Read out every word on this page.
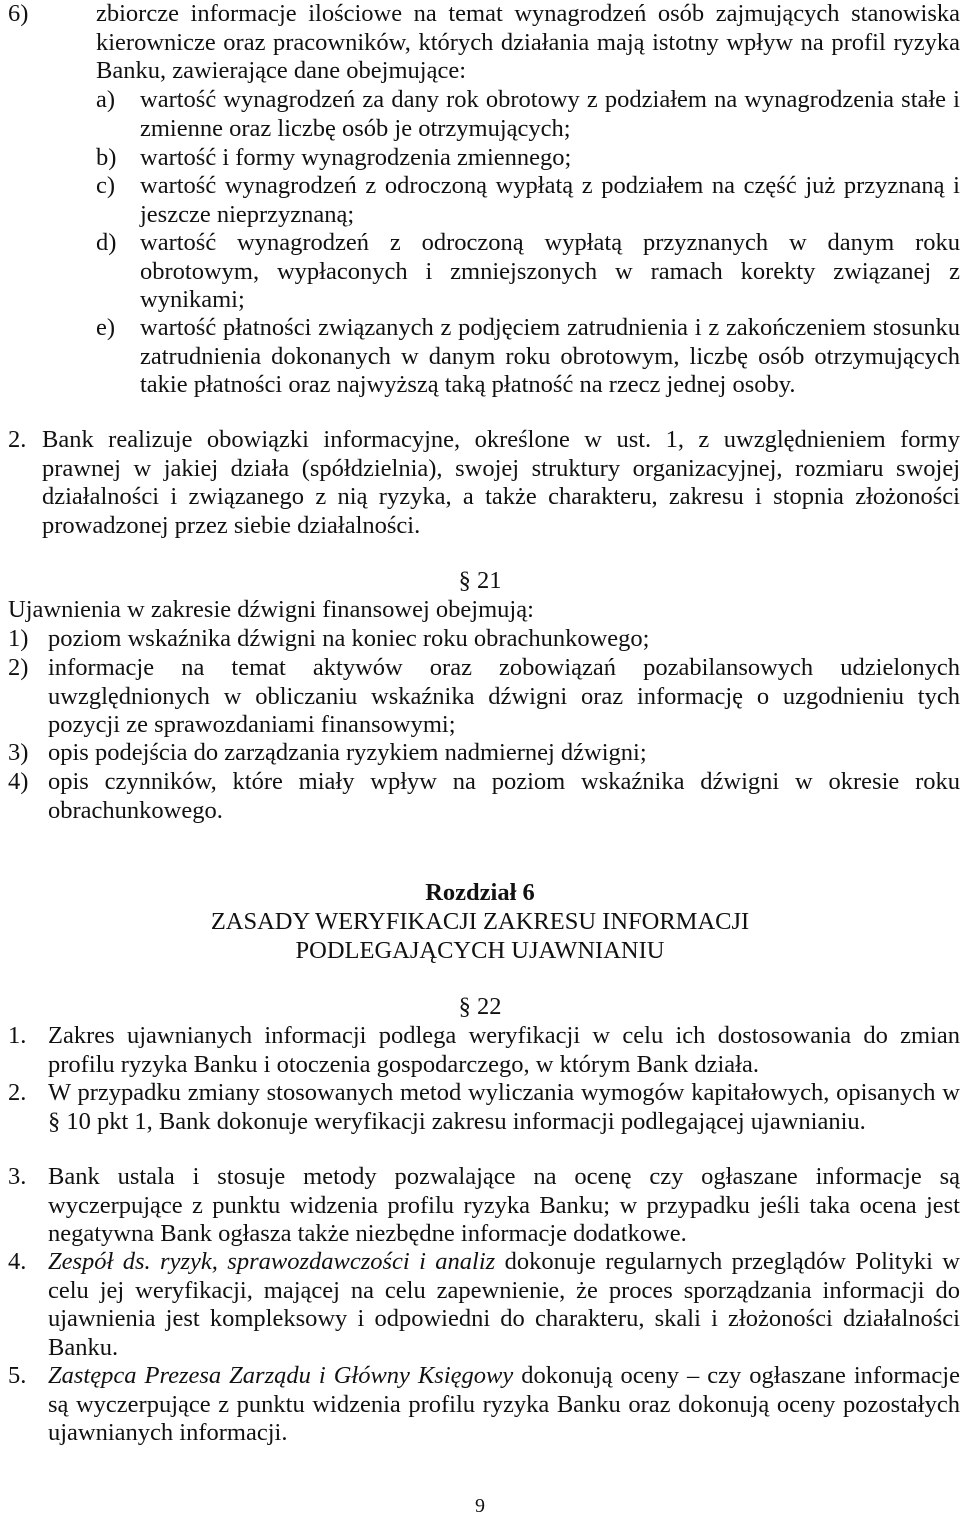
6)	zbiorcze informacje ilościowe na temat wynagrodzeń osób zajmujących stanowiska kierownicze oraz pracowników, których działania mają istotny wpływ na profil ryzyka Banku, zawierające dane obejmujące:
a) wartość wynagrodzeń za dany rok obrotowy z podziałem na wynagrodzenia stałe i zmienne oraz liczbę osób je otrzymujących;
b) wartość i formy wynagrodzenia zmiennego;
c) wartość wynagrodzeń z odroczoną wypłatą z podziałem na część już przyznaną i jeszcze nieprzyznaną;
d) wartość wynagrodzeń z odroczoną wypłatą przyznanych w danym roku obrotowym, wypłaconych i zmniejszonych w ramach korekty związanej z wynikami;
e) wartość płatności związanych z podjęciem zatrudnienia i z zakończeniem stosunku zatrudnienia dokonanych w danym roku obrotowym, liczbę osób otrzymujących takie płatności oraz najwyższą taką płatność na rzecz jednej osoby.
2. Bank realizuje obowiązki informacyjne, określone w ust. 1, z uwzględnieniem formy prawnej w jakiej działa (spółdzielnia), swojej struktury organizacyjnej, rozmiaru swojej działalności i związanego z nią ryzyka, a także charakteru, zakresu i stopnia złożoności prowadzonej przez siebie działalności.
§ 21
Ujawnienia w zakresie dźwigni finansowej obejmują:
1) poziom wskaźnika dźwigni na koniec roku obrachunkowego;
2) informacje na temat aktywów oraz zobowiązań pozabilansowych udzielonych uwzględnionych w obliczaniu wskaźnika dźwigni oraz informację o uzgodnieniu tych pozycji ze sprawozdaniami finansowymi;
3) opis podejścia do zarządzania ryzykiem nadmiernej dźwigni;
4) opis czynników, które miały wpływ na poziom wskaźnika dźwigni w okresie roku obrachunkowego.
Rozdział 6
ZASADY WERYFIKACJI ZAKRESU INFORMACJI
PODLEGAJĄCYCH UJAWNIANIU
§ 22
1. Zakres ujawnianych informacji podlega weryfikacji w celu ich dostosowania do zmian profilu ryzyka Banku i otoczenia gospodarczego, w którym Bank działa.
2. W przypadku zmiany stosowanych metod wyliczania wymogów kapitałowych, opisanych w § 10 pkt 1, Bank dokonuje weryfikacji zakresu informacji podlegającej ujawnianiu.
3. Bank ustala i stosuje metody pozwalające na ocenę czy ogłaszane informacje są wyczerpujące z punktu widzenia profilu ryzyka Banku; w przypadku jeśli taka ocena jest negatywna Bank ogłasza także niezbędne informacje dodatkowe.
4. Zespół ds. ryzyk, sprawozdawczości i analiz dokonuje regularnych przeglądów Polityki w celu jej weryfikacji, mającej na celu zapewnienie, że proces sporządzania informacji do ujawnienia jest kompleksowy i odpowiedni do charakteru, skali i złożoności działalności Banku.
5. Zastępca Prezesa Zarządu i Główny Księgowy dokonują oceny – czy ogłaszane informacje są wyczerpujące z punktu widzenia profilu ryzyka Banku oraz dokonują oceny pozostałych ujawnianych informacji.
9
